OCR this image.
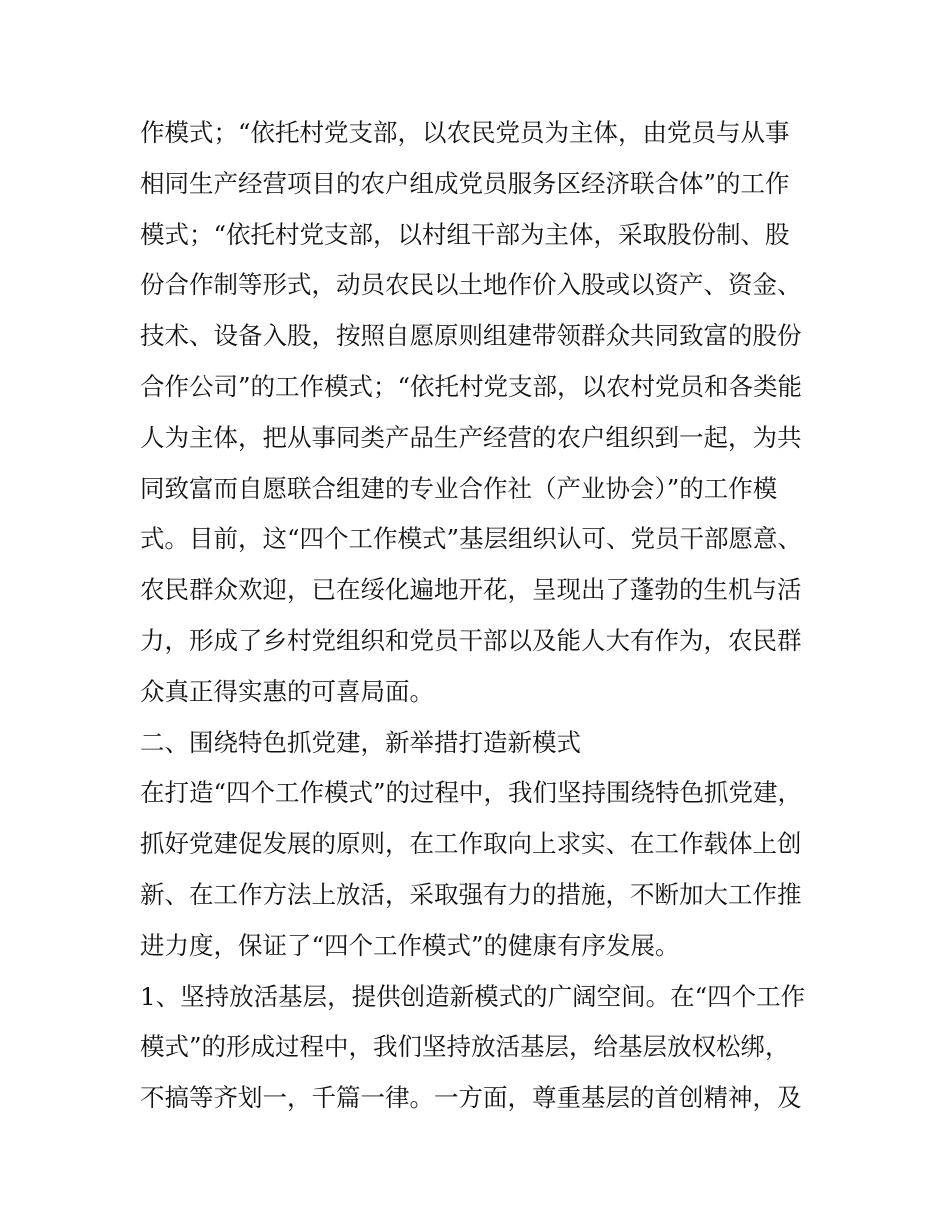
作模式；“依托村党支部，以农民党员为主体，由党员与从事
相同生产经营项目的农户组成党员服务区经济联合体”的工作
模式；“依托村党支部，以村组干部为主体，采取股份制、股
份合作制等形式，动员农民以土地作价入股或以资产、资金、
技术、设备入股，按照自愿原则组建带领群众共同致富的股份
合作公司”的工作模式；“依托村党支部，以农村党员和各类能
人为主体，把从事同类产品生产经营的农户组织到一起，为共
同致富而自愿联合组建的专业合作社（产业协会）”的工作模
式。目前，这“四个工作模式”基层组织认可、党员干部愿意、
农民群众欢迎，已在绥化遍地开花，呈现出了蓬勃的生机与活
力，形成了乡村党组织和党员干部以及能人大有作为，农民群
众真正得实惠的可喜局面。
二、围绕特色抓党建，新举措打造新模式
在打造“四个工作模式”的过程中，我们坚持围绕特色抓党建，
抓好党建促发展的原则，在工作取向上求实、在工作载体上创
新、在工作方法上放活，采取强有力的措施，不断加大工作推
进力度，保证了“四个工作模式”的健康有序发展。
1、坚持放活基层，提供创造新模式的广阔空间。在“四个工作
模式”的形成过程中，我们坚持放活基层，给基层放权松绑，
不搞等齐划一，千篇一律。一方面，尊重基层的首创精神，及
